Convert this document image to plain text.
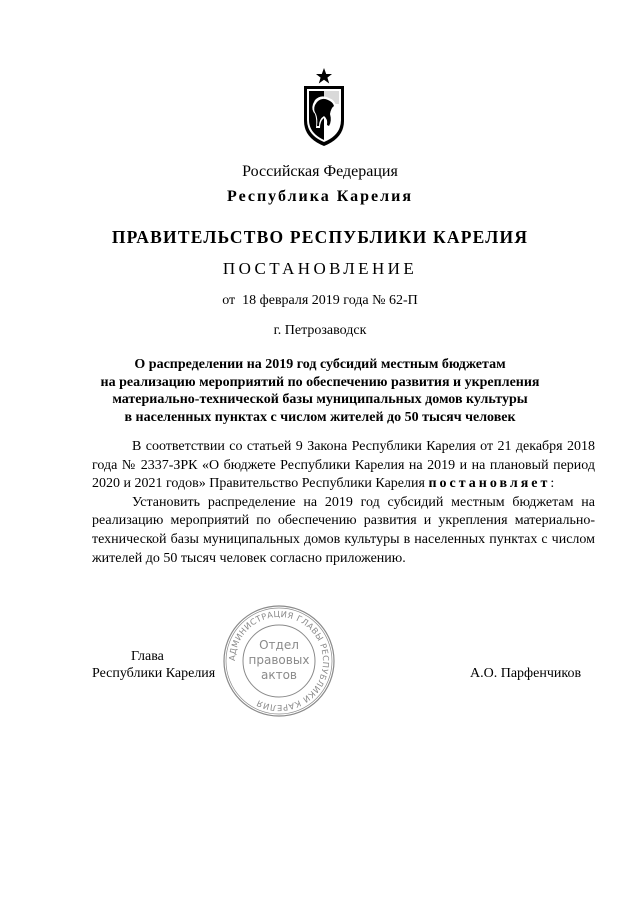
Российская Федерация
Республика Карелия
ПРАВИТЕЛЬСТВО РЕСПУБЛИКИ КАРЕЛИЯ
ПОСТАНОВЛЕНИЕ
от  18 февраля 2019 года № 62-П
г. Петрозаводск
О распределении на 2019 год субсидий местным бюджетам
на реализацию мероприятий по обеспечению развития и укрепления
материально-технической базы муниципальных домов культуры
в населенных пунктах с числом жителей до 50 тысяч человек

В соответствии со статьей 9 Закона Республики Карелия от 21 декабря 2018 года № 2337-ЗРК «О бюджете Республики Карелия на 2019 и на плановый период 2020 и 2021 годов» Правительство Республики Карелия постановляет:

Установить распределение на 2019 год субсидий местным бюджетам на реализацию мероприятий по обеспечению развития и укрепления материально-технической базы муниципальных домов культуры в населенных пунктах с числом жителей до 50 тысяч человек согласно приложению.

Глава
Республики Карелия	А.О. Парфенчиков
АДМИНИСТРАЦИЯ ГЛАВЫ РЕСПУБЛИКИ КАРЕЛИЯ
Отдел
правовых
актов
